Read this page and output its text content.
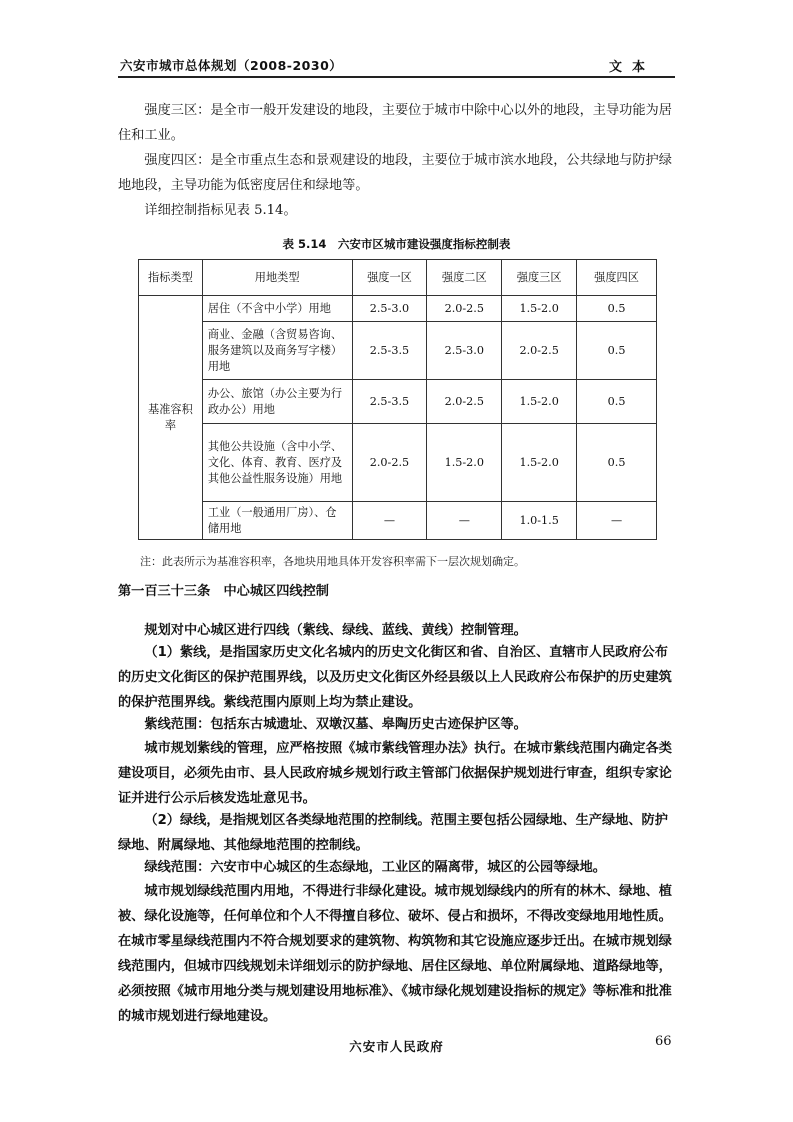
六安市城市总体规划（2008-2030）	文本
强度三区：是全市一般开发建设的地段，主要位于城市中除中心以外的地段，主导功能为居住和工业。
强度四区：是全市重点生态和景观建设的地段，主要位于城市滨水地段，公共绿地与防护绿地地段，主导功能为低密度居住和绿地等。
详细控制指标见表 5.14。
表 5.14　六安市区城市建设强度指标控制表
指标类型	用地类型	强度一区	强度二区	强度三区	强度四区
基准容积率	居住（不含中小学）用地	2.5-3.0	2.0-2.5	1.5-2.0	0.5
	商业、金融（含贸易咨询、服务建筑以及商务写字楼）用地	2.5-3.5	2.5-3.0	2.0-2.5	0.5
	办公、旅馆（办公主要为行政办公）用地	2.5-3.5	2.0-2.5	1.5-2.0	0.5
	其他公共设施（含中小学、文化、体育、教育、医疗及其他公益性服务设施）用地	2.0-2.5	1.5-2.0	1.5-2.0	0.5
	工业（一般通用厂房）、仓储用地	—	—	1.0-1.5	—
注：此表所示为基准容积率，各地块用地具体开发容积率需下一层次规划确定。
第一百三十三条　中心城区四线控制
规划对中心城区进行四线（紫线、绿线、蓝线、黄线）控制管理。
（1）紫线，是指国家历史文化名城内的历史文化街区和省、自治区、直辖市人民政府公布的历史文化街区的保护范围界线，以及历史文化街区外经县级以上人民政府公布保护的历史建筑的保护范围界线。紫线范围内原则上均为禁止建设。
紫线范围：包括东古城遗址、双墩汉墓、皋陶历史古迹保护区等。
城市规划紫线的管理，应严格按照《城市紫线管理办法》执行。在城市紫线范围内确定各类建设项目，必须先由市、县人民政府城乡规划行政主管部门依据保护规划进行审查，组织专家论证并进行公示后核发选址意见书。
（2）绿线，是指规划区各类绿地范围的控制线。范围主要包括公园绿地、生产绿地、防护绿地、附属绿地、其他绿地范围的控制线。
绿线范围：六安市中心城区的生态绿地，工业区的隔离带，城区的公园等绿地。
城市规划绿线范围内用地，不得进行非绿化建设。城市规划绿线内的所有的林木、绿地、植被、绿化设施等，任何单位和个人不得擅自移位、破坏、侵占和损坏，不得改变绿地用地性质。在城市零星绿线范围内不符合规划要求的建筑物、构筑物和其它设施应逐步迁出。在城市规划绿线范围内，但城市四线规划未详细划示的防护绿地、居住区绿地、单位附属绿地、道路绿地等，必须按照《城市用地分类与规划建设用地标准》、《城市绿化规划建设指标的规定》等标准和批准的城市规划进行绿地建设。
六安市人民政府	66
